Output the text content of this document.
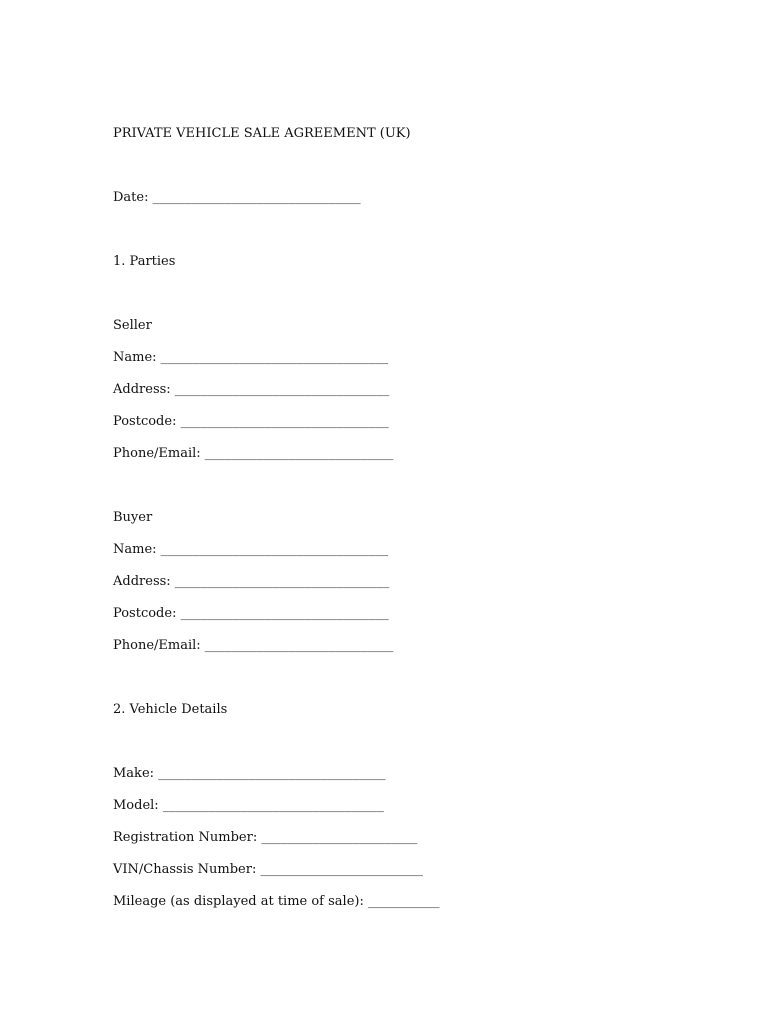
PRIVATE VEHICLE SALE AGREEMENT (UK)
Date: ________________________________
1. Parties
Seller
Name: ___________________________________
Address: _________________________________
Postcode: ________________________________
Phone/Email: _____________________________
Buyer
Name: ___________________________________
Address: _________________________________
Postcode: ________________________________
Phone/Email: _____________________________
2. Vehicle Details
Make: ___________________________________
Model: __________________________________
Registration Number: ________________________
VIN/Chassis Number: _________________________
Mileage (as displayed at time of sale): ___________
